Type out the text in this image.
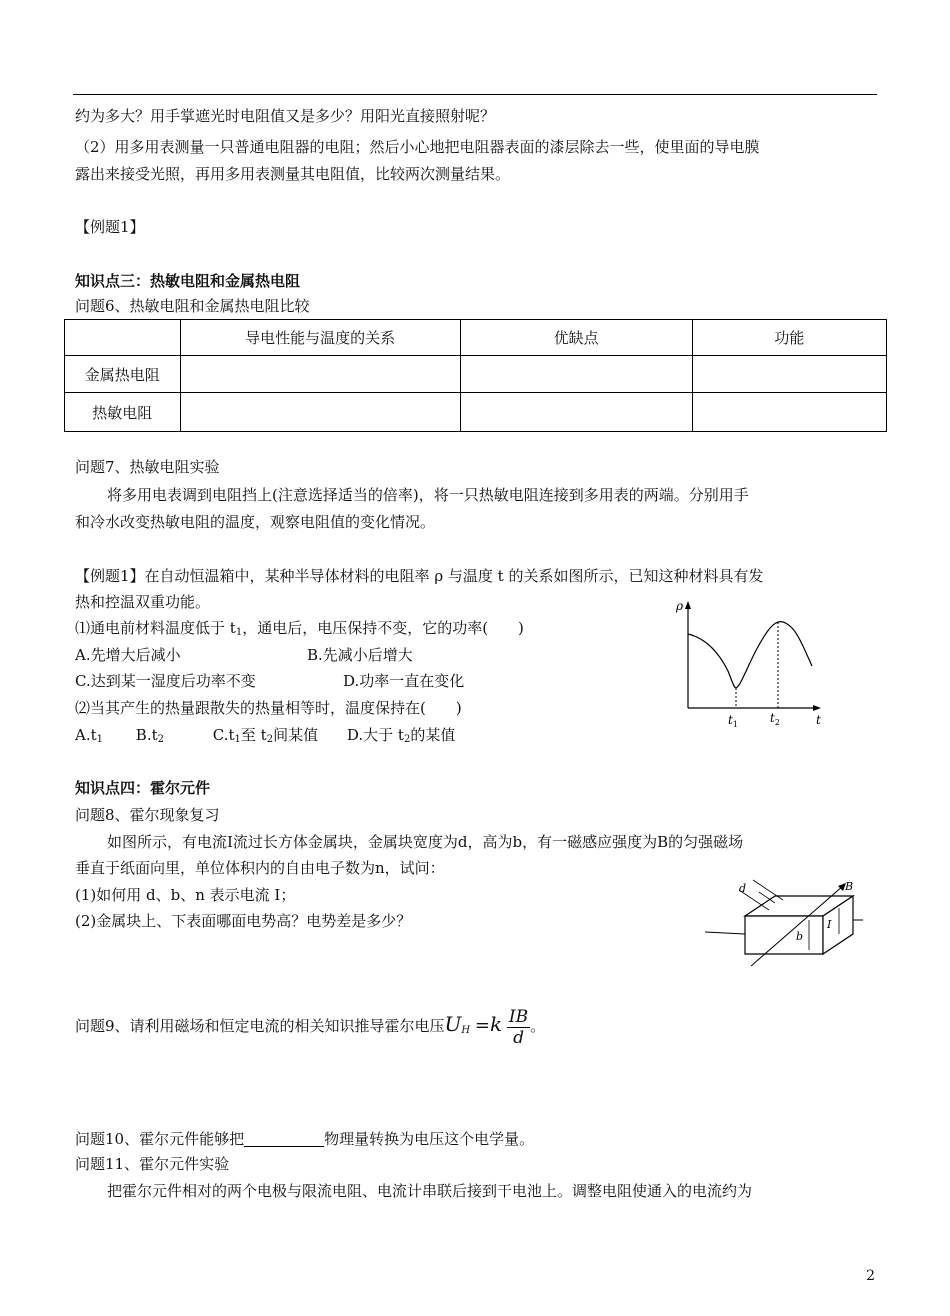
约为多大？用手掌遮光时电阻值又是多少？用阳光直接照射呢？
（2）用多用表测量一只普通电阻器的电阻；然后小心地把电阻器表面的漆层除去一些，使里面的导电膜
露出来接受光照，再用多用表测量其电阻值，比较两次测量结果。
【例题1】
知识点三：热敏电阻和金属热电阻
问题6、热敏电阻和金属热电阻比较
	导电性能与温度的关系	优缺点	功能
金属热电阻			
热敏电阻			
问题7、热敏电阻实验
将多用电表调到电阻挡上(注意选择适当的倍率)，将一只热敏电阻连接到多用表的两端。分别用手
和冷水改变热敏电阻的温度，观察电阻值的变化情况。
【例题1】在自动恒温箱中，某种半导体材料的电阻率 ρ 与温度 t 的关系如图所示，已知这种材料具有发
热和控温双重功能。
⑴通电前材料温度低于 $t_1$，通电后，电压保持不变，它的功率(　　)
A.先增大后减小	B.先减小后增大
C.达到某一湿度后功率不变	D.功率一直在变化
⑵当其产生的热量跟散失的热量相等时，温度保持在(　　)
$A.t_1$ $B.t_2$	$C.t_1$至 $t_2$间某值 D.大于 $t_2$的某值
ρ
t
$t_1$	$t_2$
知识点四：霍尔元件
问题8、霍尔现象复习
如图所示，有电流Ⅰ流过长方体金属块，金属块宽度为d，高为b，有一磁感应强度为B的匀强磁场
垂直于纸面向里，单位体积内的自由电子数为n，试问：
(1)如何用 d、b、n 表示电流 I；
(2)金属块上、下表面哪面电势高？电势差是多少？
d
b
I
B
问题9、请利用磁场和恒定电流的相关知识推导霍尔电压$U_H =k \frac{IB}{d}$ 。
问题10、霍尔元件能够把	物理量转换为电压这个电学量。
问题11、霍尔元件实验
把霍尔元件相对的两个电极与限流电阻、电流计串联后接到干电池上。调整电阻使通入的电流约为
2
